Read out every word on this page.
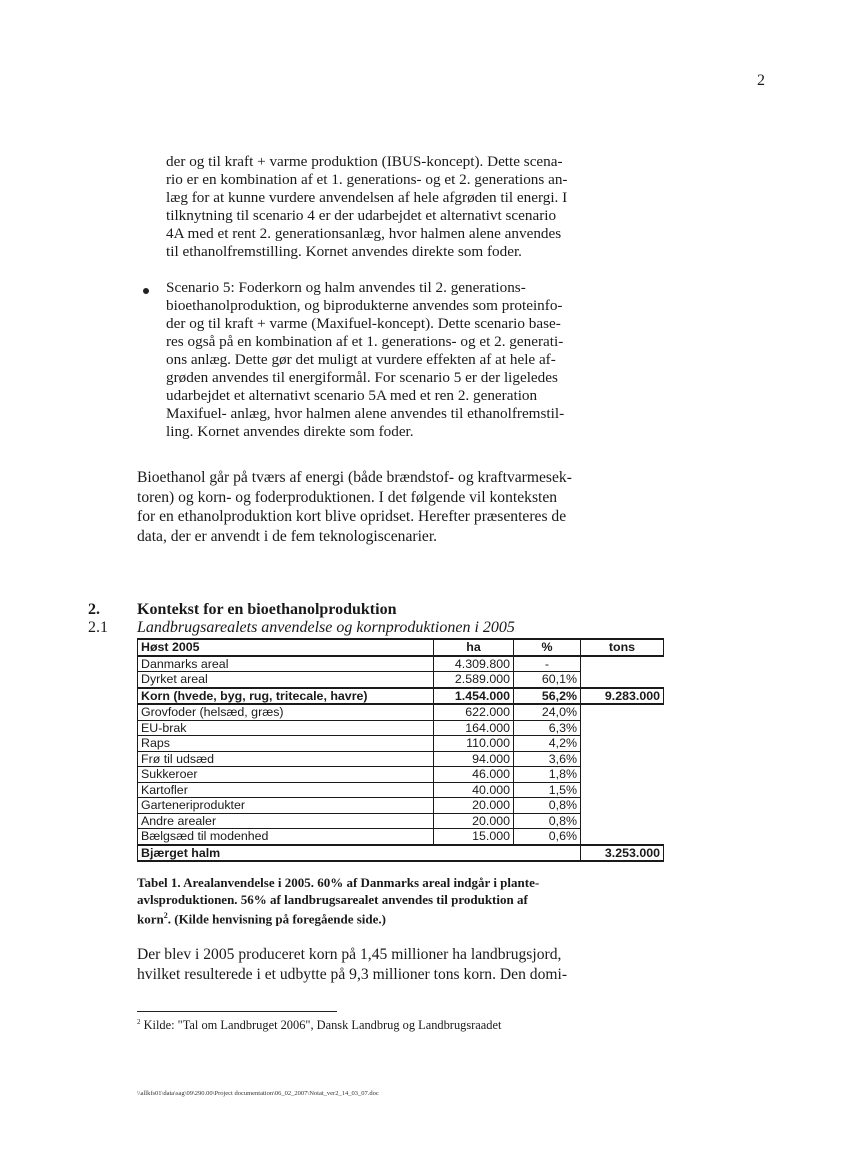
2
der og til kraft + varme produktion (IBUS-koncept). Dette scena-
rio er en kombination af et 1. generations- og et 2. generations an-
læg for at kunne vurdere anvendelsen af hele afgrøden til energi. I
tilknytning til scenario 4 er der udarbejdet et alternativt scenario
4A med et rent 2. generationsanlæg, hvor halmen alene anvendes
til ethanolfremstilling. Kornet anvendes direkte som foder.
Scenario 5: Foderkorn og halm anvendes til 2. generations-
bioethanolproduktion, og biprodukterne anvendes som proteinfo-
der og til kraft + varme (Maxifuel-koncept). Dette scenario base-
res også på en kombination af et 1. generations- og et 2. generati-
ons anlæg. Dette gør det muligt at vurdere effekten af at hele af-
grøden anvendes til energiformål. For scenario 5 er der ligeledes
udarbejdet et alternativt scenario 5A med et ren 2. generation
Maxifuel- anlæg, hvor halmen alene anvendes til ethanolfremstil-
ling. Kornet anvendes direkte som foder.
Bioethanol går på tværs af energi (både brændstof- og kraftvarmesek-
toren) og korn- og foderproduktionen. I det følgende vil konteksten
for en ethanolproduktion kort blive opridset. Herefter præsenteres de
data, der er anvendt i de fem teknologiscenarier.
2. Kontekst for en bioethanolproduktion
2.1 Landbrugsarealets anvendelse og kornproduktionen i 2005
Høst 2005	ha	%	tons
Danmarks areal	4.309.800	-	
Dyrket areal	2.589.000	60,1%	
Korn (hvede, byg, rug, tritecale, havre)	1.454.000	56,2%	9.283.000
Grovfoder (helsæd, græs)	622.000	24,0%	
EU-brak	164.000	6,3%	
Raps	110.000	4,2%	
Frø til udsæd	94.000	3,6%	
Sukkeroer	46.000	1,8%	
Kartofler	40.000	1,5%	
Garteneriprodukter	20.000	0,8%	
Andre arealer	20.000	0,8%	
Bælgsæd til modenhed	15.000	0,6%	
Bjærget halm			3.253.000
Tabel 1. Arealanvendelse i 2005. 60% af Danmarks areal indgår i plante-
avlsproduktionen. 56% af landbrugsarealet anvendes til produktion af
korn$^2$. (Kilde henvisning på foregående side.)
Der blev i 2005 produceret korn på 1,45 millioner ha landbrugsjord,
hvilket resulterede i et udbytte på 9,3 millioner tons korn. Den domi-
$^2$ Kilde: "Tal om Landbruget 2006", Dansk Landbrug og Landbrugsraadet
\\allkfs01\data\sag\09\290.00\Project documentation\06_02_2007\Notat_ver2_14_03_07.doc
